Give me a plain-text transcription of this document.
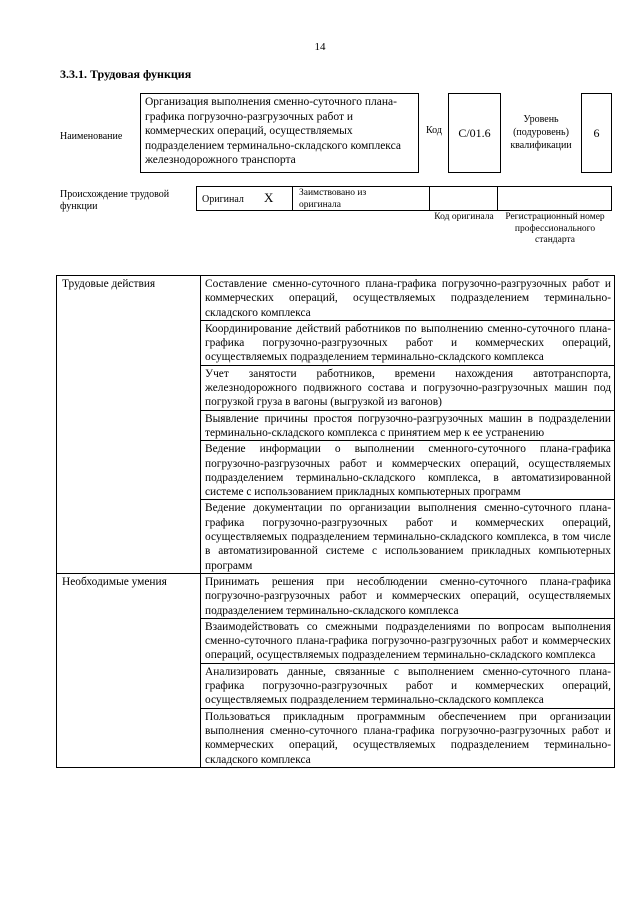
14
3.3.1. Трудовая функция
Наименование
Организация выполнения сменно-суточного плана-графика погрузочно-разгрузочных работ и коммерческих операций, осуществляемых подразделением терминально-складского комплекса железнодорожного транспорта
Код	C/01.6
Уровень (подуровень) квалификации
6
Происхождение трудовой функции
Оригинал X	Заимствовано из оригинала
Код оригинала	Регистрационный номер профессионального стандарта
Трудовые действия	Составление сменно-суточного плана-графика погрузочно-разгрузочных работ и коммерческих операций, осуществляемых подразделением терминально-складского комплекса
	Координирование действий работников по выполнению сменно-суточного плана-графика погрузочно-разгрузочных работ и коммерческих операций, осуществляемых подразделением терминально-складского комплекса
	Учет занятости работников, времени нахождения автотранспорта, железнодорожного подвижного состава и погрузочно-разгрузочных машин под погрузкой груза в вагоны (выгрузкой из вагонов)
	Выявление причины простоя погрузочно-разгрузочных машин в подразделении терминально-складского комплекса с принятием мер к ее устранению
	Ведение информации о выполнении сменного-суточного плана-графика погрузочно-разгрузочных работ и коммерческих операций, осуществляемых подразделением терминально-складского комплекса, в автоматизированной системе с использованием прикладных компьютерных программ
	Ведение документации по организации выполнения сменно-суточного плана-графика погрузочно-разгрузочных работ и коммерческих операций, осуществляемых подразделением терминально-складского комплекса, в том числе в автоматизированной системе с использованием прикладных компьютерных программ
Необходимые умения	Принимать решения при несоблюдении сменно-суточного плана-графика погрузочно-разгрузочных работ и коммерческих операций, осуществляемых подразделением терминально-складского комплекса
	Взаимодействовать со смежными подразделениями по вопросам выполнения сменно-суточного плана-графика погрузочно-разгрузочных работ и коммерческих операций, осуществляемых подразделением терминально-складского комплекса
	Анализировать данные, связанные с выполнением сменно-суточного плана-графика погрузочно-разгрузочных работ и коммерческих операций, осуществляемых подразделением терминально-складского комплекса
	Пользоваться прикладным программным обеспечением при организации выполнения сменно-суточного плана-графика погрузочно-разгрузочных работ и коммерческих операций, осуществляемых подразделением терминально-складского комплекса
